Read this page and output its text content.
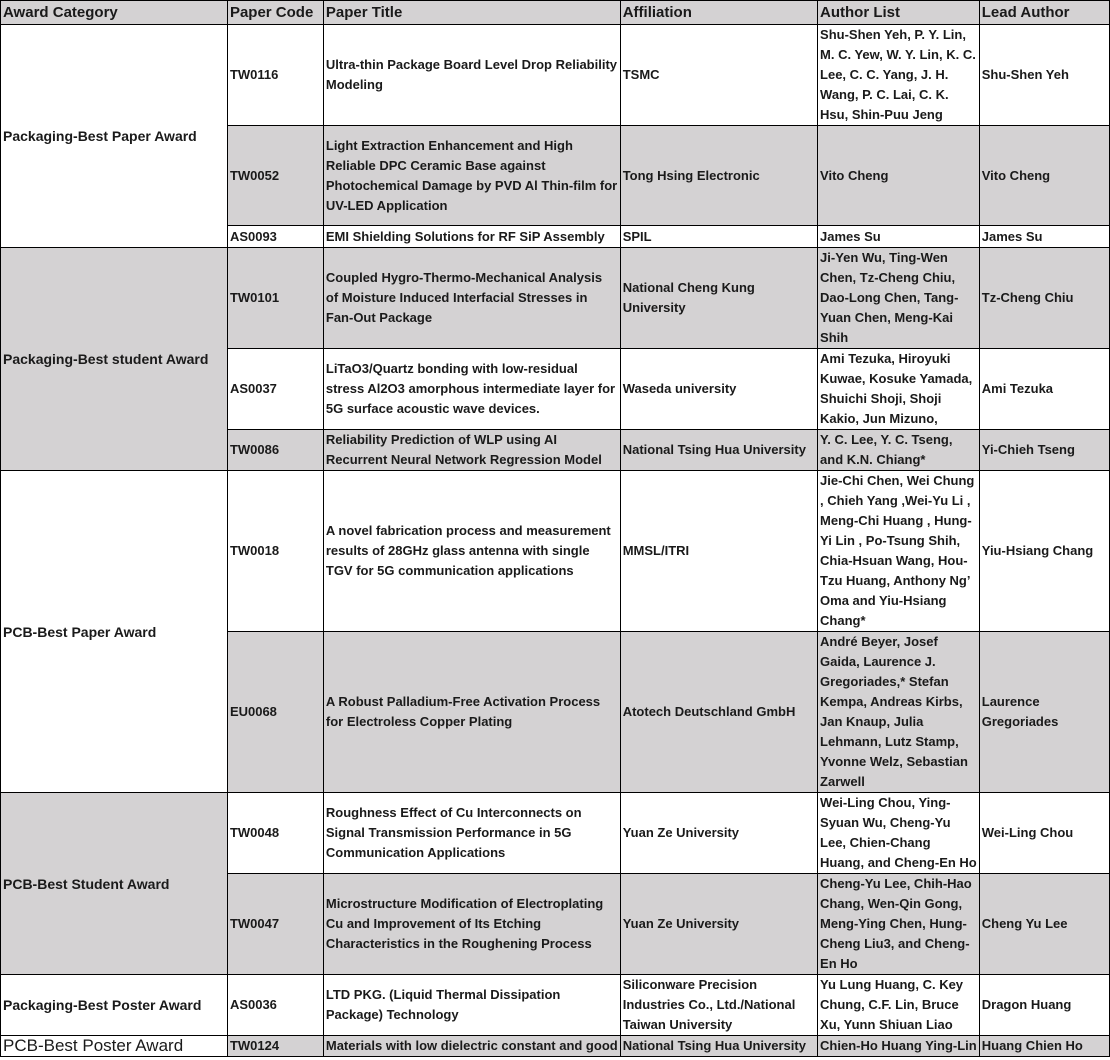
Award Category	Paper Code	Paper Title	Affiliation	Author List	Lead Author
Packaging-Best Paper Award	TW0116	Ultra-thin Package Board Level Drop Reliability Modeling	TSMC	Shu-Shen Yeh, P. Y. Lin, M. C. Yew, W. Y. Lin, K. C. Lee, C. C. Yang, J. H. Wang, P. C. Lai, C. K. Hsu, Shin-Puu Jeng	Shu-Shen Yeh
	TW0052	Light Extraction Enhancement and High Reliable DPC Ceramic Base against Photochemical Damage by PVD Al Thin-film for UV-LED Application	Tong Hsing Electronic	Vito Cheng	Vito Cheng
	AS0093	EMI Shielding Solutions for RF SiP Assembly	SPIL	James Su	James Su
Packaging-Best student Award	TW0101	Coupled Hygro-Thermo-Mechanical Analysis of Moisture Induced Interfacial Stresses in Fan-Out Package	National Cheng Kung University	Ji-Yen Wu, Ting-Wen Chen, Tz-Cheng Chiu, Dao-Long Chen, Tang-Yuan Chen, Meng-Kai Shih	Tz-Cheng Chiu
	AS0037	LiTaO3/Quartz bonding with low-residual stress Al2O3 amorphous intermediate layer for 5G surface acoustic wave devices.	Waseda university	Ami Tezuka, Hiroyuki Kuwae, Kosuke Yamada, Shuichi Shoji, Shoji Kakio, Jun Mizuno,	Ami Tezuka
	TW0086	Reliability Prediction of WLP using AI Recurrent Neural Network Regression Model	National Tsing Hua University	Y. C. Lee, Y. C. Tseng, and K.N. Chiang*	Yi-Chieh Tseng
PCB-Best Paper Award	TW0018	A novel fabrication process and measurement results of 28GHz glass antenna with single TGV for 5G communication applications	MMSL/ITRI	Jie-Chi Chen, Wei Chung , Chieh Yang ,Wei-Yu Li , Meng-Chi Huang , Hung-Yi Lin , Po-Tsung Shih, Chia-Hsuan Wang, Hou-Tzu Huang, Anthony Ng’ Oma and Yiu-Hsiang Chang*	Yiu-Hsiang Chang
	EU0068	A Robust Palladium-Free Activation Process for Electroless Copper Plating	Atotech Deutschland GmbH	André Beyer, Josef Gaida, Laurence J. Gregoriades,* Stefan Kempa, Andreas Kirbs, Jan Knaup, Julia Lehmann, Lutz Stamp, Yvonne Welz, Sebastian Zarwell	Laurence Gregoriades
PCB-Best Student Award	TW0048	Roughness Effect of Cu Interconnects on Signal Transmission Performance in 5G Communication Applications	Yuan Ze University	Wei-Ling Chou, Ying-Syuan Wu, Cheng-Yu Lee, Chien-Chang Huang, and Cheng-En Ho	Wei-Ling Chou
	TW0047	Microstructure Modification of Electroplating Cu and Improvement of Its Etching Characteristics in the Roughening Process	Yuan Ze University	Cheng-Yu Lee, Chih-Hao Chang, Wen-Qin Gong, Meng-Ying Chen, Hung-Cheng Liu3, and Cheng-En Ho	Cheng Yu Lee
Packaging-Best Poster Award	AS0036	LTD PKG. (Liquid Thermal Dissipation Package) Technology	Siliconware Precision Industries Co., Ltd./National Taiwan University	Yu Lung Huang, C. Key Chung, C.F. Lin, Bruce Xu, Yunn Shiuan Liao	Dragon Huang
PCB-Best Poster Award	TW0124	Materials with low dielectric constant and good	National Tsing Hua University	Chien-Ho Huang Ying-Lin	Huang Chien Ho
